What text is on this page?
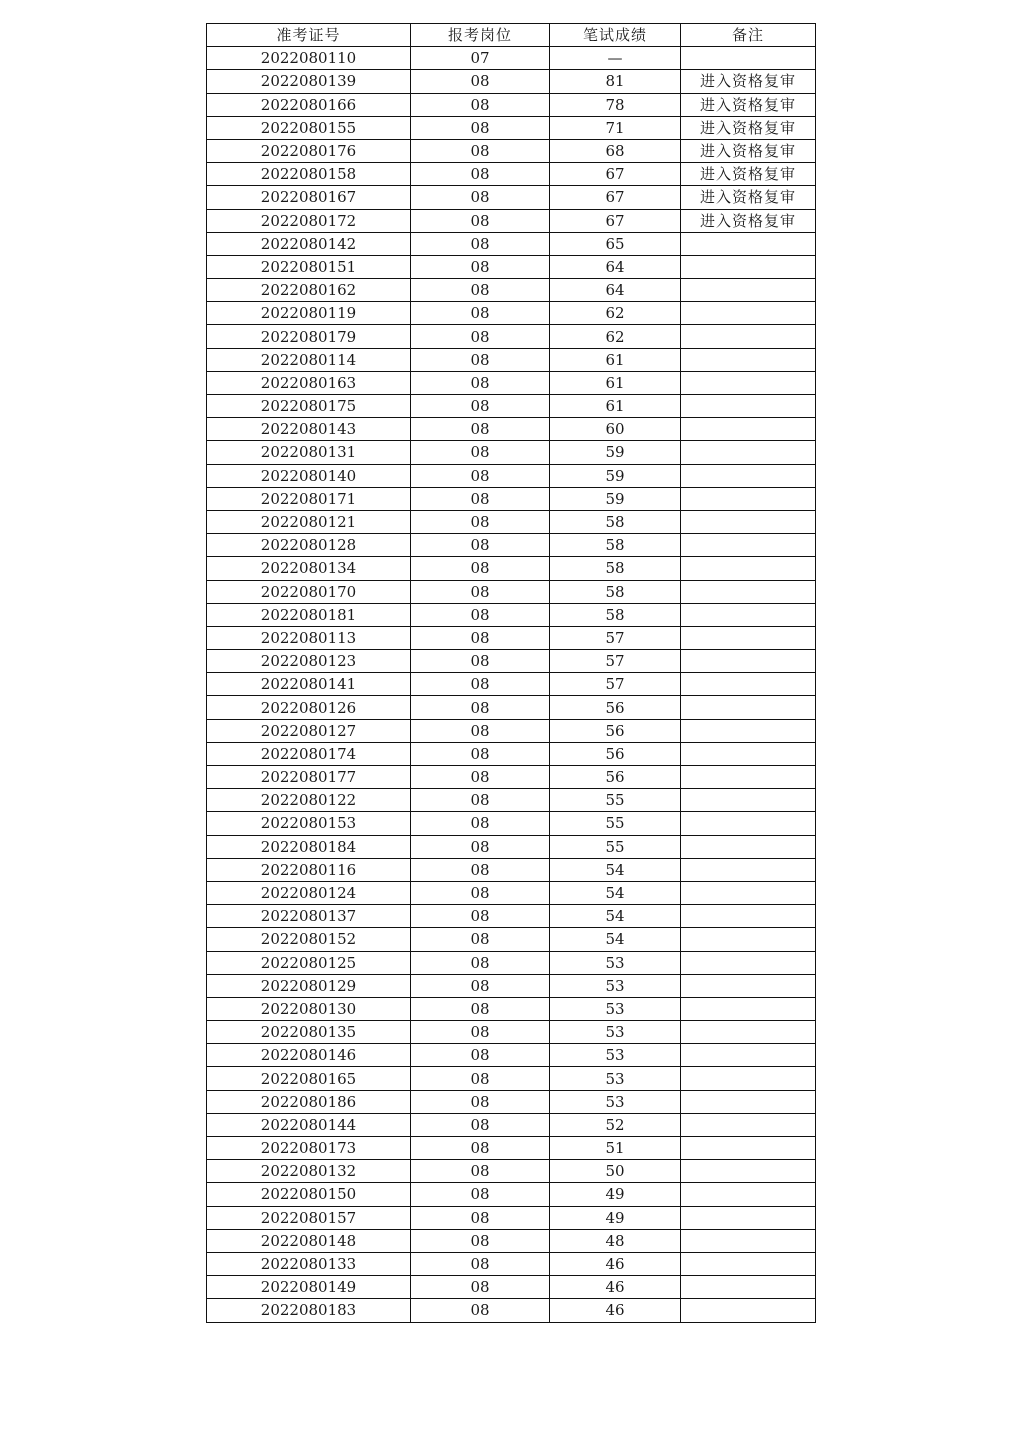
准考证号	报考岗位	笔试成绩	备注
2022080110	07	—	
2022080139	08	81	进入资格复审
2022080166	08	78	进入资格复审
2022080155	08	71	进入资格复审
2022080176	08	68	进入资格复审
2022080158	08	67	进入资格复审
2022080167	08	67	进入资格复审
2022080172	08	67	进入资格复审
2022080142	08	65	
2022080151	08	64	
2022080162	08	64	
2022080119	08	62	
2022080179	08	62	
2022080114	08	61	
2022080163	08	61	
2022080175	08	61	
2022080143	08	60	
2022080131	08	59	
2022080140	08	59	
2022080171	08	59	
2022080121	08	58	
2022080128	08	58	
2022080134	08	58	
2022080170	08	58	
2022080181	08	58	
2022080113	08	57	
2022080123	08	57	
2022080141	08	57	
2022080126	08	56	
2022080127	08	56	
2022080174	08	56	
2022080177	08	56	
2022080122	08	55	
2022080153	08	55	
2022080184	08	55	
2022080116	08	54	
2022080124	08	54	
2022080137	08	54	
2022080152	08	54	
2022080125	08	53	
2022080129	08	53	
2022080130	08	53	
2022080135	08	53	
2022080146	08	53	
2022080165	08	53	
2022080186	08	53	
2022080144	08	52	
2022080173	08	51	
2022080132	08	50	
2022080150	08	49	
2022080157	08	49	
2022080148	08	48	
2022080133	08	46	
2022080149	08	46	
2022080183	08	46	
